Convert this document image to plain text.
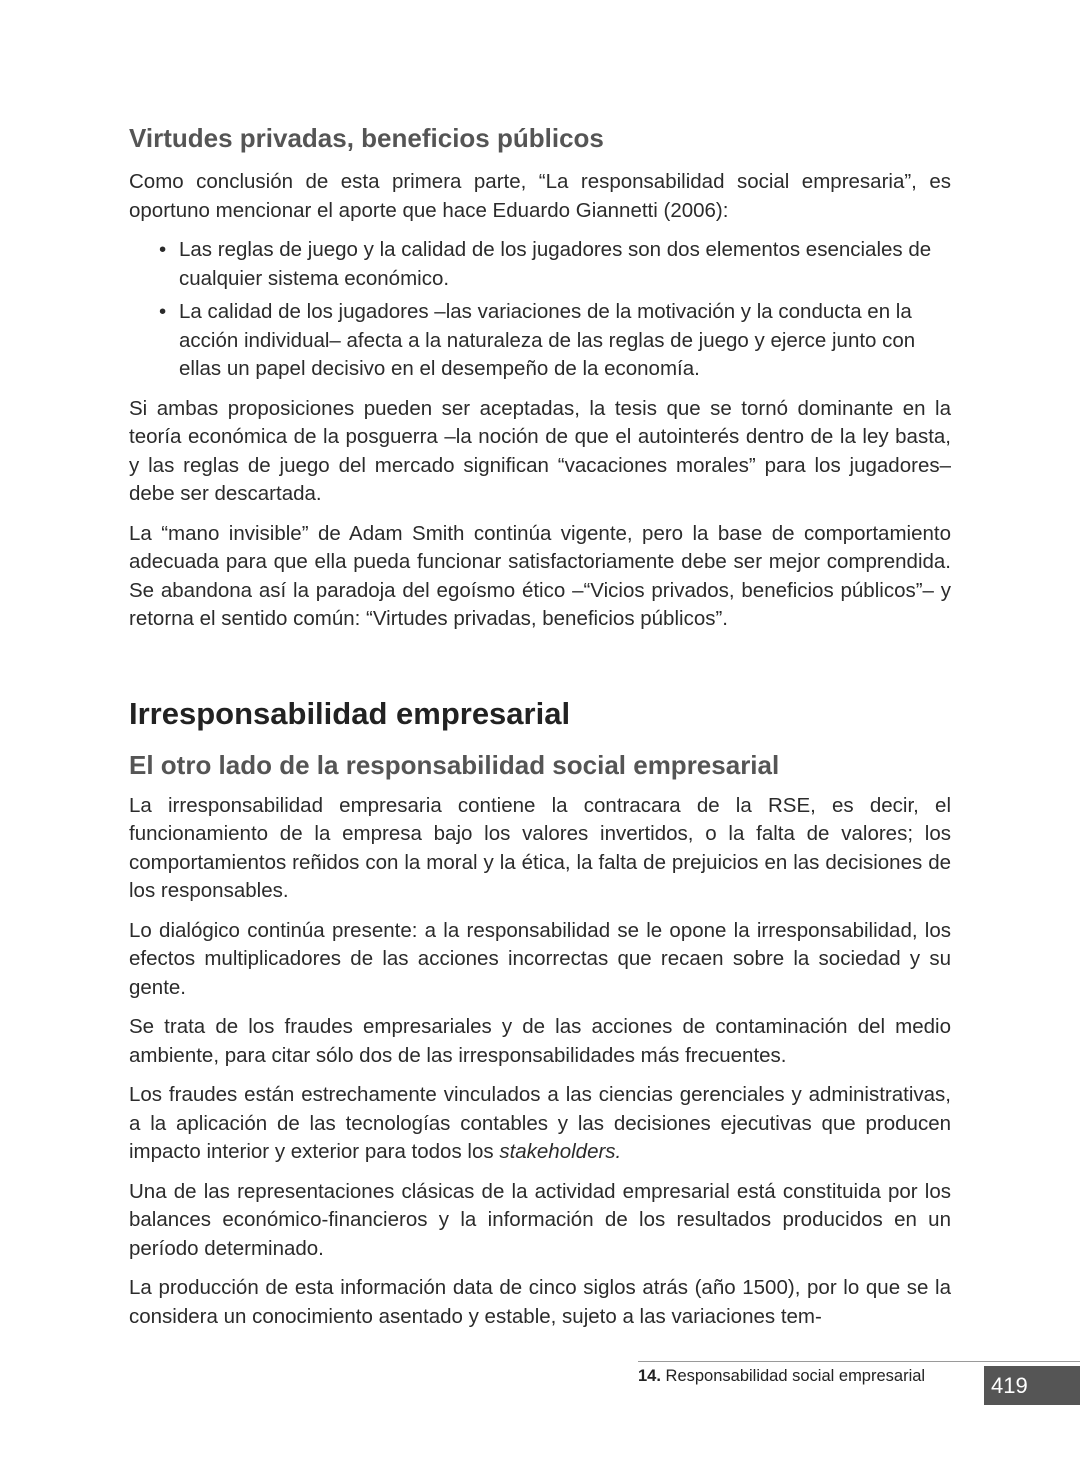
Virtudes privadas, beneficios públicos

Como conclusión de esta primera parte, “La responsabilidad social empresaria”, es oportuno mencionar el aporte que hace Eduardo Giannetti (2006):

• Las reglas de juego y la calidad de los jugadores son dos elementos esenciales de cualquier sistema económico.
• La calidad de los jugadores –las variaciones de la motivación y la conducta en la acción individual– afecta a la naturaleza de las reglas de juego y ejerce junto con ellas un papel decisivo en el desempeño de la economía.

Si ambas proposiciones pueden ser aceptadas, la tesis que se tornó dominante en la teoría económica de la posguerra –la noción de que el autointerés dentro de la ley basta, y las reglas de juego del mercado significan “vacaciones morales” para los jugadores– debe ser descartada.

La “mano invisible” de Adam Smith continúa vigente, pero la base de comportamiento adecuada para que ella pueda funcionar satisfactoriamente debe ser mejor comprendida. Se abandona así la paradoja del egoísmo ético –“Vicios privados, beneficios públicos”– y retorna el sentido común: “Virtudes privadas, beneficios públicos”.

Irresponsabilidad empresarial
El otro lado de la responsabilidad social empresarial

La irresponsabilidad empresaria contiene la contracara de la RSE, es decir, el funcionamiento de la empresa bajo los valores invertidos, o la falta de valores; los comportamientos reñidos con la moral y la ética, la falta de prejuicios en las decisiones de los responsables.

Lo dialógico continúa presente: a la responsabilidad se le opone la irresponsabilidad, los efectos multiplicadores de las acciones incorrectas que recaen sobre la sociedad y su gente.

Se trata de los fraudes empresariales y de las acciones de contaminación del medio ambiente, para citar sólo dos de las irresponsabilidades más frecuentes.

Los fraudes están estrechamente vinculados a las ciencias gerenciales y administrativas, a la aplicación de las tecnologías contables y las decisiones ejecutivas que producen impacto interior y exterior para todos los stakeholders.

Una de las representaciones clásicas de la actividad empresarial está constituida por los balances económico-financieros y la información de los resultados producidos en un período determinado.

La producción de esta información data de cinco siglos atrás (año 1500), por lo que se la considera un conocimiento asentado y estable, sujeto a las variaciones tem-

14. Responsabilidad social empresarial	419
